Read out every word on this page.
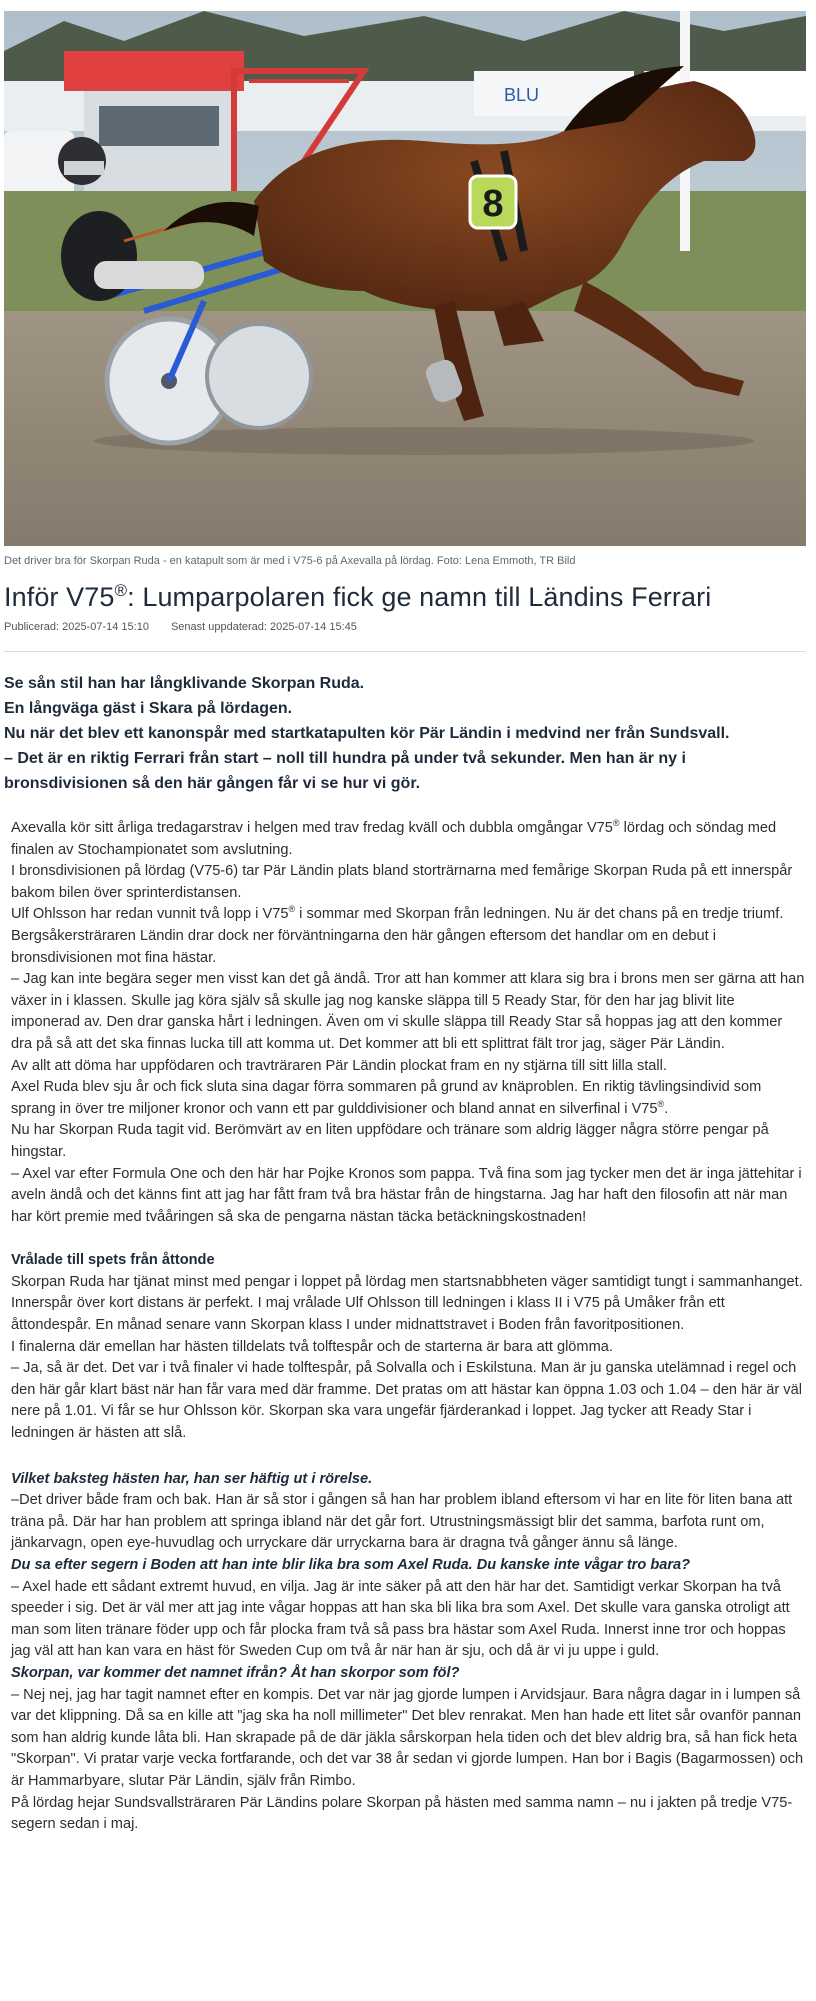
BLU
8
Det driver bra för Skorpan Ruda - en katapult som är med i V75-6 på Axevalla på lördag. Foto: Lena Emmoth, TR Bild
Inför V75®: Lumparpolaren fick ge namn till Ländins Ferrari
Publicerad: 2025-07-14 15:10 Senast uppdaterad: 2025-07-14 15:45

Se sån stil han har långklivande Skorpan Ruda.

En långväga gäst i Skara på lördagen.

Nu när det blev ett kanonspår med startkatapulten kör Pär Ländin i medvind ner från Sundsvall.

– Det är en riktig Ferrari från start – noll till hundra på under två sekunder. Men han är ny i bronsdivisionen så den här gången får vi se hur vi gör.

Axevalla kör sitt årliga tredagarstrav i helgen med trav fredag kväll och dubbla omgångar V75® lördag och söndag med finalen av Stochampionatet som avslutning.

I bronsdivisionen på lördag (V75-6) tar Pär Ländin plats bland storträrnarna med femårige Skorpan Ruda på ett innerspår bakom bilen över sprinterdistansen.

Ulf Ohlsson har redan vunnit två lopp i V75® i sommar med Skorpan från ledningen. Nu är det chans på en tredje triumf.

Bergsåkersträraren Ländin drar dock ner förväntningarna den här gången eftersom det handlar om en debut i bronsdivisionen mot fina hästar.

– Jag kan inte begära seger men visst kan det gå ändå. Tror att han kommer att klara sig bra i brons men ser gärna att han växer in i klassen. Skulle jag köra själv så skulle jag nog kanske släppa till 5 Ready Star, för den har jag blivit lite imponerad av. Den drar ganska hårt i ledningen. Även om vi skulle släppa till Ready Star så hoppas jag att den kommer dra på så att det ska finnas lucka till att komma ut. Det kommer att bli ett splittrat fält tror jag, säger Pär Ländin.

Av allt att döma har uppfödaren och travträraren Pär Ländin plockat fram en ny stjärna till sitt lilla stall.

Axel Ruda blev sju år och fick sluta sina dagar förra sommaren på grund av knäproblen. En riktig tävlingsindivid som sprang in över tre miljoner kronor och vann ett par gulddivisioner och bland annat en silverfinal i V75®.

Nu har Skorpan Ruda tagit vid. Berömvärt av en liten uppfödare och tränare som aldrig lägger några större pengar på hingstar.

– Axel var efter Formula One och den här har Pojke Kronos som pappa. Två fina som jag tycker men det är inga jättehitar i aveln ändå och det känns fint att jag har fått fram två bra hästar från de hingstarna. Jag har haft den filosofin att när man har kört premie med tvååringen så ska de pengarna nästan täcka betäckningskostnaden!

Vrålade till spets från åttonde

Skorpan Ruda har tjänat minst med pengar i loppet på lördag men startsnabbheten väger samtidigt tungt i sammanhanget.

Innerspår över kort distans är perfekt. I maj vrålade Ulf Ohlsson till ledningen i klass II i V75 på Umåker från ett åttondespår. En månad senare vann Skorpan klass I under midnattstravet i Boden från favoritpositionen.

I finalerna där emellan har hästen tilldelats två tolftespår och de starterna är bara att glömma.

– Ja, så är det. Det var i två finaler vi hade tolftespår, på Solvalla och i Eskilstuna. Man är ju ganska utelämnad i regel och den här går klart bäst när han får vara med där framme. Det pratas om att hästar kan öppna 1.03 och 1.04 – den här är väl nere på 1.01. Vi får se hur Ohlsson kör. Skorpan ska vara ungefär fjärderankad i loppet. Jag tycker att Ready Star i ledningen är hästen att slå.

Vilket baksteg hästen har, han ser häftig ut i rörelse.

–Det driver både fram och bak. Han är så stor i gången så han har problem ibland eftersom vi har en lite för liten bana att träna på. Där har han problem att springa ibland när det går fort. Utrustningsmässigt blir det samma, barfota runt om, jänkarvagn, open eye-huvudlag och urryckare där urryckarna bara är dragna två gånger ännu så länge.

Du sa efter segern i Boden att han inte blir lika bra som Axel Ruda. Du kanske inte vågar tro bara?

– Axel hade ett sådant extremt huvud, en vilja. Jag är inte säker på att den här har det. Samtidigt verkar Skorpan ha två speeder i sig. Det är väl mer att jag inte vågar hoppas att han ska bli lika bra som Axel. Det skulle vara ganska otroligt att man som liten tränare föder upp och får plocka fram två så pass bra hästar som Axel Ruda. Innerst inne tror och hoppas jag väl att han kan vara en häst för Sweden Cup om två år när han är sju, och då är vi ju uppe i guld.

Skorpan, var kommer det namnet ifrån? Åt han skorpor som föl?

– Nej nej, jag har tagit namnet efter en kompis. Det var när jag gjorde lumpen i Arvidsjaur. Bara några dagar in i lumpen så var det klippning. Då sa en kille att "jag ska ha noll millimeter" Det blev renrakat. Men han hade ett litet sår ovanför pannan som han aldrig kunde låta bli. Han skrapade på de där jäkla sårskorpan hela tiden och det blev aldrig bra, så han fick heta "Skorpan". Vi pratar varje vecka fortfarande, och det var 38 år sedan vi gjorde lumpen. Han bor i Bagis (Bagarmossen) och är Hammarbyare, slutar Pär Ländin, själv från Rimbo.

På lördag hejar Sundsvallsträraren Pär Ländins polare Skorpan på hästen med samma namn – nu i jakten på tredje V75-segern sedan i maj.
